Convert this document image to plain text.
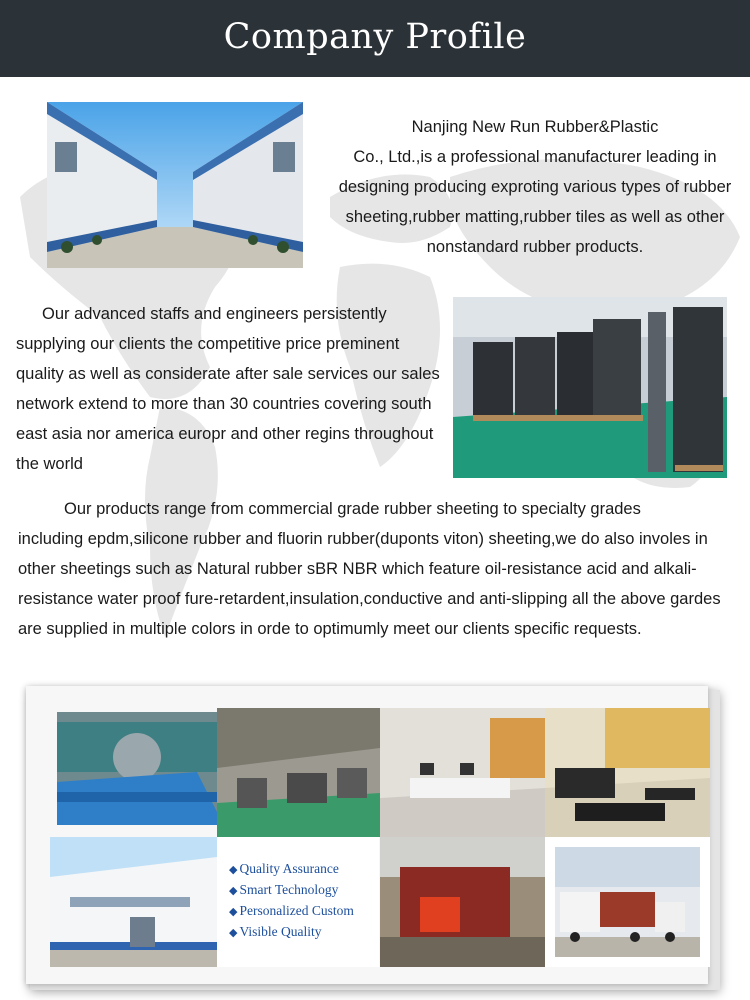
Company Profile

Nanjing New Run Rubber&Plastic
Co., Ltd.,is a professional manufacturer leading in designing producing exproting various types of rubber sheeting,rubber matting,rubber tiles as well as other nonstandard rubber products.

Our advanced staffs and engineers persistently
supplying our clients the competitive price preminent quality as well as considerate after sale services our sales network extend to more than 30 countries covering south east asia nor america europr and other regins throughout the world

Our products range from commercial grade rubber sheeting to specialty grades
including epdm,silicone rubber and fluorin rubber(duponts viton) sheeting,we do also involes in other sheetings such as Natural rubber sBR NBR which feature oil-resistance acid and alkali-resistance water proof fure-retardent,insulation,conductive and anti-slipping all the above gardes are supplied in multiple colors in orde to optimumly meet our clients specific requests.

◆ Quality Assurance
◆ Smart Technology
◆ Personalized Custom
◆ Visible Quality
